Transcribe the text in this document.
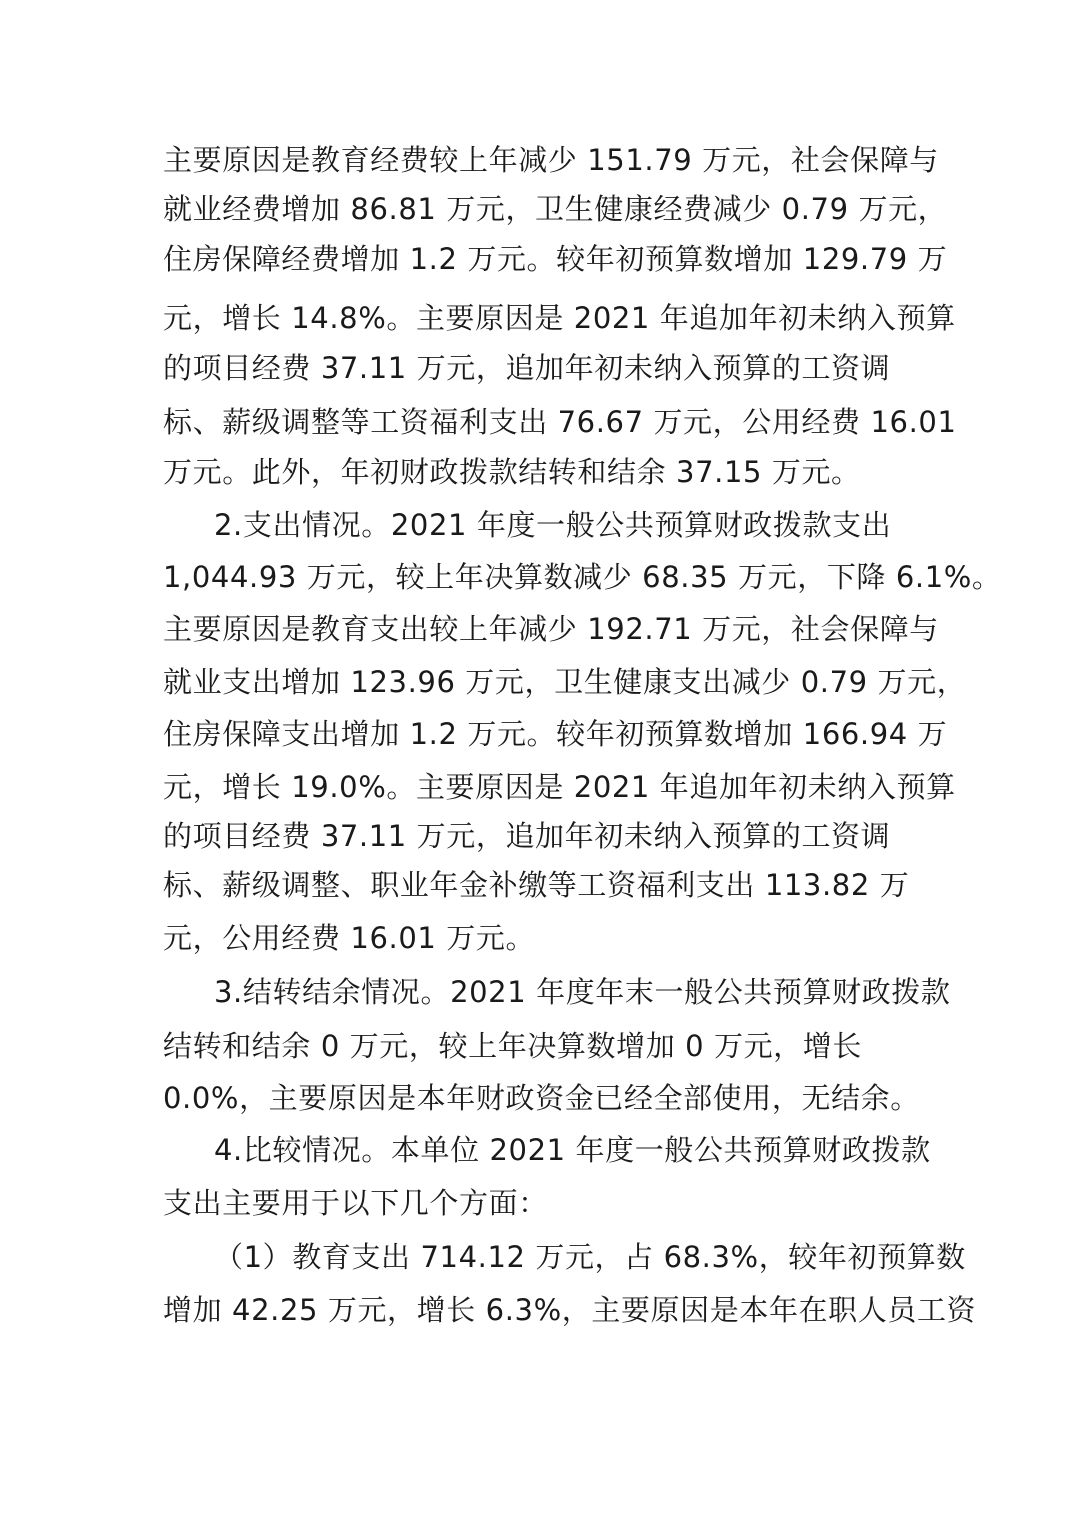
主要原因是教育经费较上年减少 151.79 万元，社会保障与
就业经费增加 86.81 万元，卫生健康经费减少 0.79 万元，
住房保障经费增加 1.2 万元。较年初预算数增加 129.79 万
元，增长 14.8%。主要原因是 2021 年追加年初未纳入预算
的项目经费 37.11 万元，追加年初未纳入预算的工资调
标、薪级调整等工资福利支出 76.67 万元，公用经费 16.01
万元。此外，年初财政拨款结转和结余 37.15 万元。
2.支出情况。2021 年度一般公共预算财政拨款支出
1,044.93 万元，较上年决算数减少 68.35 万元，下降 6.1%。
主要原因是教育支出较上年减少 192.71 万元，社会保障与
就业支出增加 123.96 万元，卫生健康支出减少 0.79 万元，
住房保障支出增加 1.2 万元。较年初预算数增加 166.94 万
元，增长 19.0%。主要原因是 2021 年追加年初未纳入预算
的项目经费 37.11 万元，追加年初未纳入预算的工资调
标、薪级调整、职业年金补缴等工资福利支出 113.82 万
元，公用经费 16.01 万元。
3.结转结余情况。2021 年度年末一般公共预算财政拨款
结转和结余 0 万元，较上年决算数增加 0 万元，增长
0.0%，主要原因是本年财政资金已经全部使用，无结余。
4.比较情况。本单位 2021 年度一般公共预算财政拨款
支出主要用于以下几个方面：
（1）教育支出 714.12 万元，占 68.3%，较年初预算数
增加 42.25 万元，增长 6.3%，主要原因是本年在职人员工资
